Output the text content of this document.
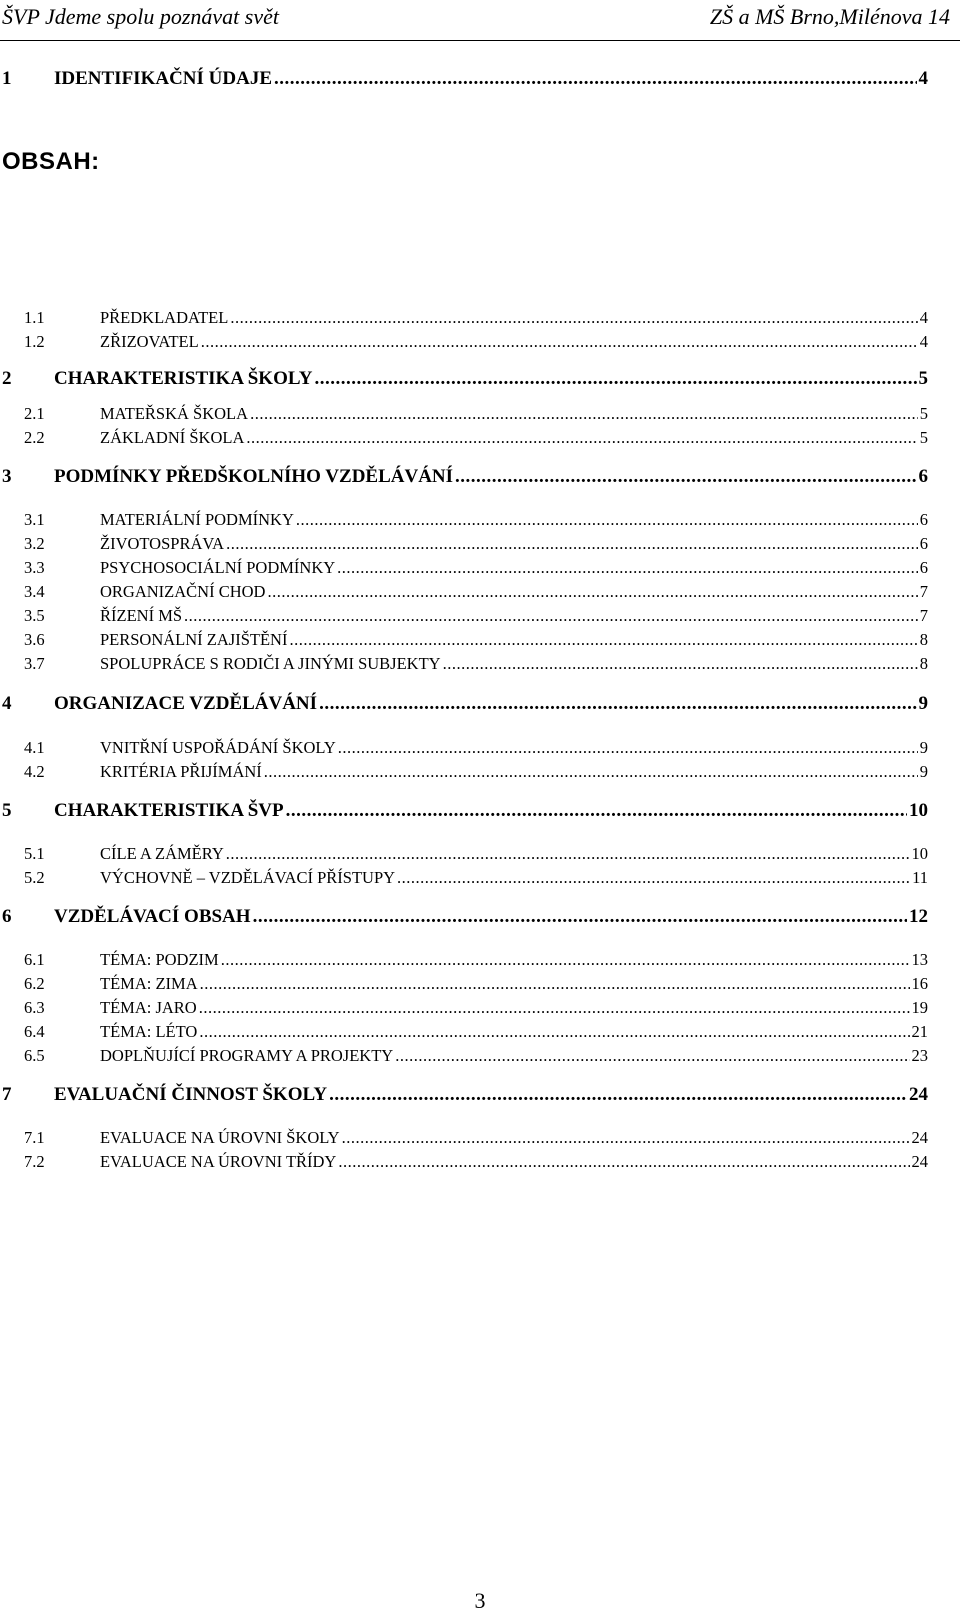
ŠVP Jdeme spolu poznávat svět	ZŠ a MŠ Brno,Milénova 14
OBSAH:
1	IDENTIFIKAČNÍ ÚDAJE .....	4
1.1	PŘEDKLADATEL .....	4
1.2	ZŘIZOVATEL .....	4
2	CHARAKTERISTIKA ŠKOLY .....	5
2.1	MATEŘSKÁ ŠKOLA .....	5
2.2	ZÁKLADNÍ ŠKOLA .....	5
3	PODMÍNKY PŘEDŠKOLNÍHO VZDĚLÁVÁNÍ .....	6
3.1	MATERIÁLNÍ PODMÍNKY .....	6
3.2	ŽIVOTOSPRÁVA .....	6
3.3	PSYCHOSOCIÁLNÍ PODMÍNKY .....	6
3.4	ORGANIZAČNÍ CHOD .....	7
3.5	ŘÍZENÍ MŠ .....	7
3.6	PERSONÁLNÍ ZAJIŠTĚNÍ .....	8
3.7	SPOLUPRÁCE S RODIČI A JINÝMI SUBJEKTY .....	8
4	ORGANIZACE VZDĚLÁVÁNÍ .....	9
4.1	VNITŘNÍ USPOŘÁDÁNÍ ŠKOLY .....	9
4.2	KRITÉRIA PŘIJÍMÁNÍ .....	9
5	CHARAKTERISTIKA ŠVP .....	10
5.1	CÍLE A ZÁMĚRY .....	10
5.2	VÝCHOVNĚ – VZDĚLÁVACÍ PŘÍSTUPY .....	11
6	VZDĚLÁVACÍ OBSAH .....	12
6.1	TÉMA: PODZIM .....	13
6.2	TÉMA: ZIMA .....	16
6.3	TÉMA: JARO .....	19
6.4	TÉMA: LÉTO .....	21
6.5	DOPLŇUJÍCÍ PROGRAMY A PROJEKTY .....	23
7	EVALUAČNÍ ČINNOST ŠKOLY .....	24
7.1	EVALUACE NA ÚROVNI ŠKOLY .....	24
7.2	EVALUACE NA ÚROVNI TŘÍDY .....	24
3
